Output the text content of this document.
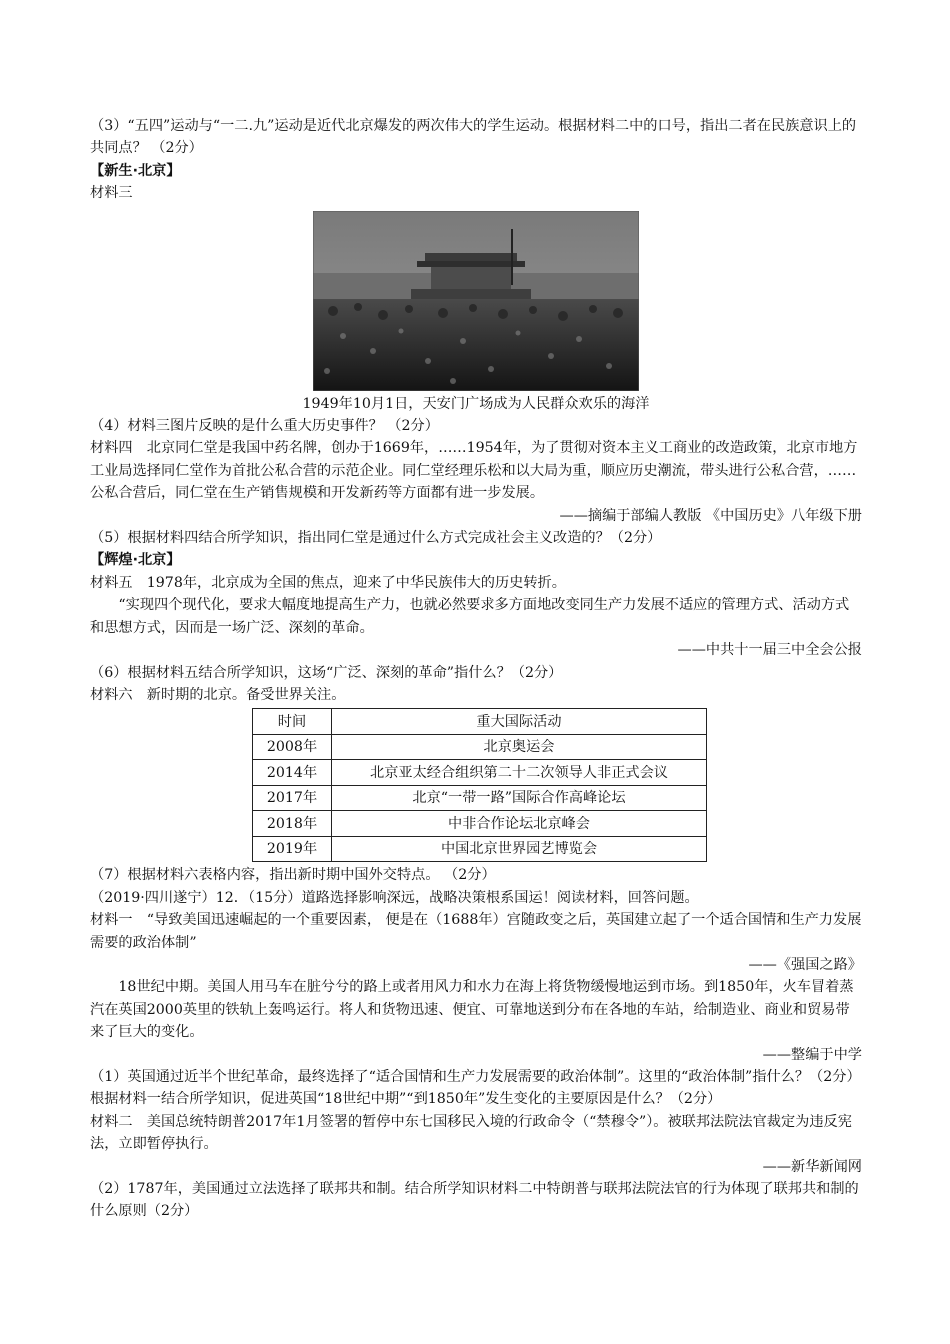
（3）“五四”运动与“一二.九”运动是近代北京爆发的两次伟大的学生运动。根据材料二中的口号，指出二者在民族意识上的共同点？ （2分）

【新生·北京】

材料三

1949年10月1日，天安门广场成为人民群众欢乐的海洋

（4）材料三图片反映的是什么重大历史事件？ （2分）

材料四　北京同仁堂是我国中药名牌，创办于1669年，……1954年，为了贯彻对资本主义工商业的改造政策，北京市地方工业局选择同仁堂作为首批公私合营的示范企业。同仁堂经理乐松和以大局为重，顺应历史潮流，带头进行公私合营，……公私合营后，同仁堂在生产销售规模和开发新药等方面都有进一步发展。

——摘编于部编人教版 《中国历史》八年级下册

（5）根据材料四结合所学知识，指出同仁堂是通过什么方式完成社会主义改造的？（2分）

【辉煌·北京】

材料五　1978年，北京成为全国的焦点，迎来了中华民族伟大的历史转折。

“实现四个现代化，要求大幅度地提高生产力，也就必然要求多方面地改变同生产力发展不适应的管理方式、活动方式和思想方式，因而是一场广泛、深刻的革命。

——中共十一届三中全会公报

（6）根据材料五结合所学知识，这场“广泛、深刻的革命”指什么？（2分）

材料六　新时期的北京。备受世界关注。

时间	重大国际活动
2008年	北京奥运会
2014年	北京亚太经合组织第二十二次领导人非正式会议
2017年	北京“一带一路”国际合作高峰论坛
2018年	中非合作论坛北京峰会
2019年	中国北京世界园艺博览会

（7）根据材料六表格内容，指出新时期中国外交特点。 （2分）

（2019·四川遂宁）12．（15分）道路选择影响深远，战略决策根系国运！阅读材料，回答问题。

材料一　“导致美国迅速崛起的一个重要因素， 便是在（1688年）宫随政变之后，英国建立起了一个适合国情和生产力发展需要的政治体制”

——《强国之路》

18世纪中期。美国人用马车在脏兮兮的路上或者用风力和水力在海上将货物缓慢地运到市场。到1850年，火车冒着蒸汽在英国2000英里的铁轨上轰鸣运行。将人和货物迅速、便宜、可靠地送到分布在各地的车站，给制造业、商业和贸易带来了巨大的变化。

——整编于中学

（1）英国通过近半个世纪革命，最终选择了“适合国情和生产力发展需要的政治体制”。这里的“政治体制”指什么？（2分）根据材料一结合所学知识，促进英国“18世纪中期”“到1850年”发生变化的主要原因是什么？（2分）

材料二　美国总统特朗普2017年1月签署的暂停中东七国移民入境的行政命令（“禁穆令”）。被联邦法院法官裁定为违反宪法，立即暂停执行。

——新华新闻网

（2）1787年，美国通过立法选择了联邦共和制。结合所学知识材料二中特朗普与联邦法院法官的行为体现了联邦共和制的什么原则（2分）
